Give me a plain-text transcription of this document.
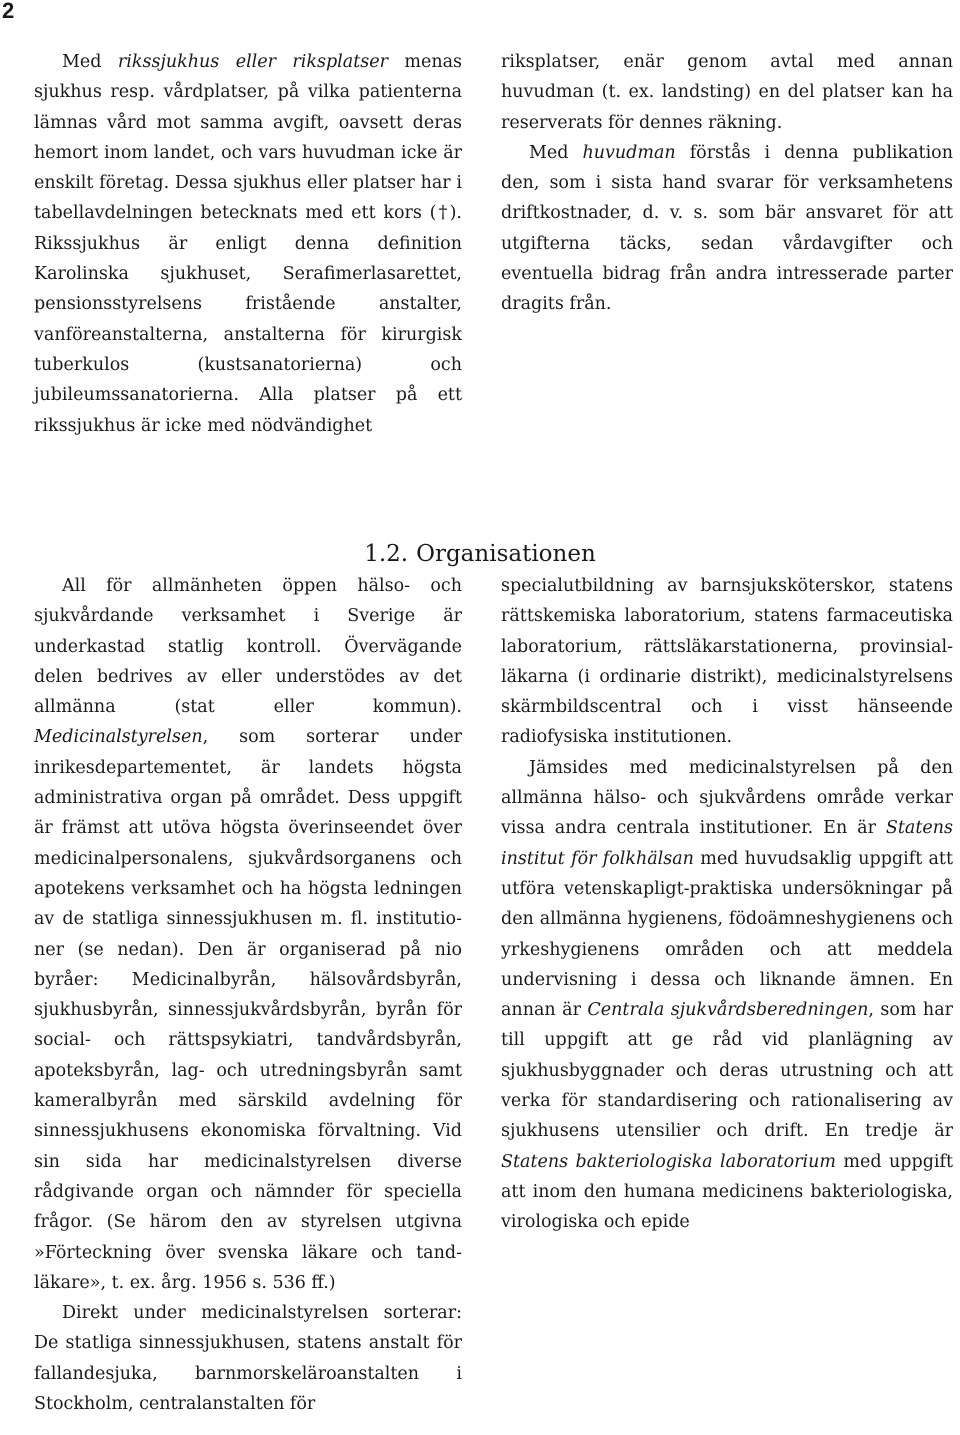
2

Med rikssjukhus eller riksplatser menas sjukhus resp. vårdplatser, på vilka patienterna lämnas vård mot samma avgift, oavsett deras hemort inom landet, och vars huvudman icke är enskilt företag. Dessa sjukhus eller platser har i tabellavdelningen betecknats med ett kors (†). Rikssjukhus är enligt denna definition Karolinska sjukhuset, Serafimerlasarettet, pensionsstyrelsens fristående anstalter, vanföreanstalterna, anstalterna för kirurgisk tuberkulos (kustsanatorierna) och jubileumssanatorierna. Alla platser på ett rikssjukhus är icke med nödvändighet

riksplatser, enär genom avtal med annan huvudman (t. ex. landsting) en del platser kan ha reserverats för dennes räkning.

Med huvudman förstås i denna publikation den, som i sista hand svarar för verksamhetens driftkostnader, d. v. s. som bär ansvaret för att utgifterna täcks, sedan vårdavgifter och eventuella bidrag från andra intresserade parter dragits från.

1.2. Organisationen

All för allmänheten öppen hälso- och sjukvårdande verksamhet i Sverige är underkastad statlig kontroll. Övervägande delen bedrives av eller understödes av det allmänna (stat eller kommun). Medicinalstyrelsen, som sorterar under inrikesdepartementet, är landets högsta administrativa organ på området. Dess uppgift är främst att utöva högsta överinseendet över medicinalpersonalens, sjukvårdsorganens och apotekens verksamhet och ha högsta ledningen av de statliga sinnessjukhusen m. fl. institutioner (se nedan). Den är organiserad på nio byråer: Medicinalbyrån, hälsovårdsbyrån, sjukhusbyrån, sinnessjukvårdsbyrån, byrån för social- och rättspsykiatri, tandvårdsbyrån, apoteksbyrån, lag- och utredningsbyrån samt kameralbyrån med särskild avdelning för sinnessjukhusens ekonomiska förvaltning. Vid sin sida har medicinalstyrelsen diverse rådgivande organ och nämnder för speciella frågor. (Se härom den av styrelsen utgivna »Förteckning över svenska läkare och tandläkare», t. ex. årg. 1956 s. 536 ff.)

Direkt under medicinalstyrelsen sorterar: De statliga sinnessjukhusen, statens anstalt för fallandesjuka, barnmorskeläroanstalten i Stockholm, centralanstalten för

specialutbildning av barnsjuksköterskor, statens rättskemiska laboratorium, statens farmaceutiska laboratorium, rättsläkarstationerna, provinsialläkarna (i ordinarie distrikt), medicinalstyrelsens skärmbildscentral och i visst hänseende radiofysiska institutionen.

Jämsides med medicinalstyrelsen på den allmänna hälso- och sjukvårdens område verkar vissa andra centrala institutioner. En är Statens institut för folkhälsan med huvudsaklig uppgift att utföra vetenskapligt-praktiska undersökningar på den allmänna hygienens, födoämneshygienens och yrkeshygienens områden och att meddela undervisning i dessa och liknande ämnen. En annan är Centrala sjukvårdsberedningen, som har till uppgift att ge råd vid planlägning av sjukhusbyggnader och deras utrustning och att verka för standardisering och rationalisering av sjukhusens utensilier och drift. En tredje är Statens bakteriologiska laboratorium med uppgift att inom den humana medicinens bakteriologiska, virologiska och epide
